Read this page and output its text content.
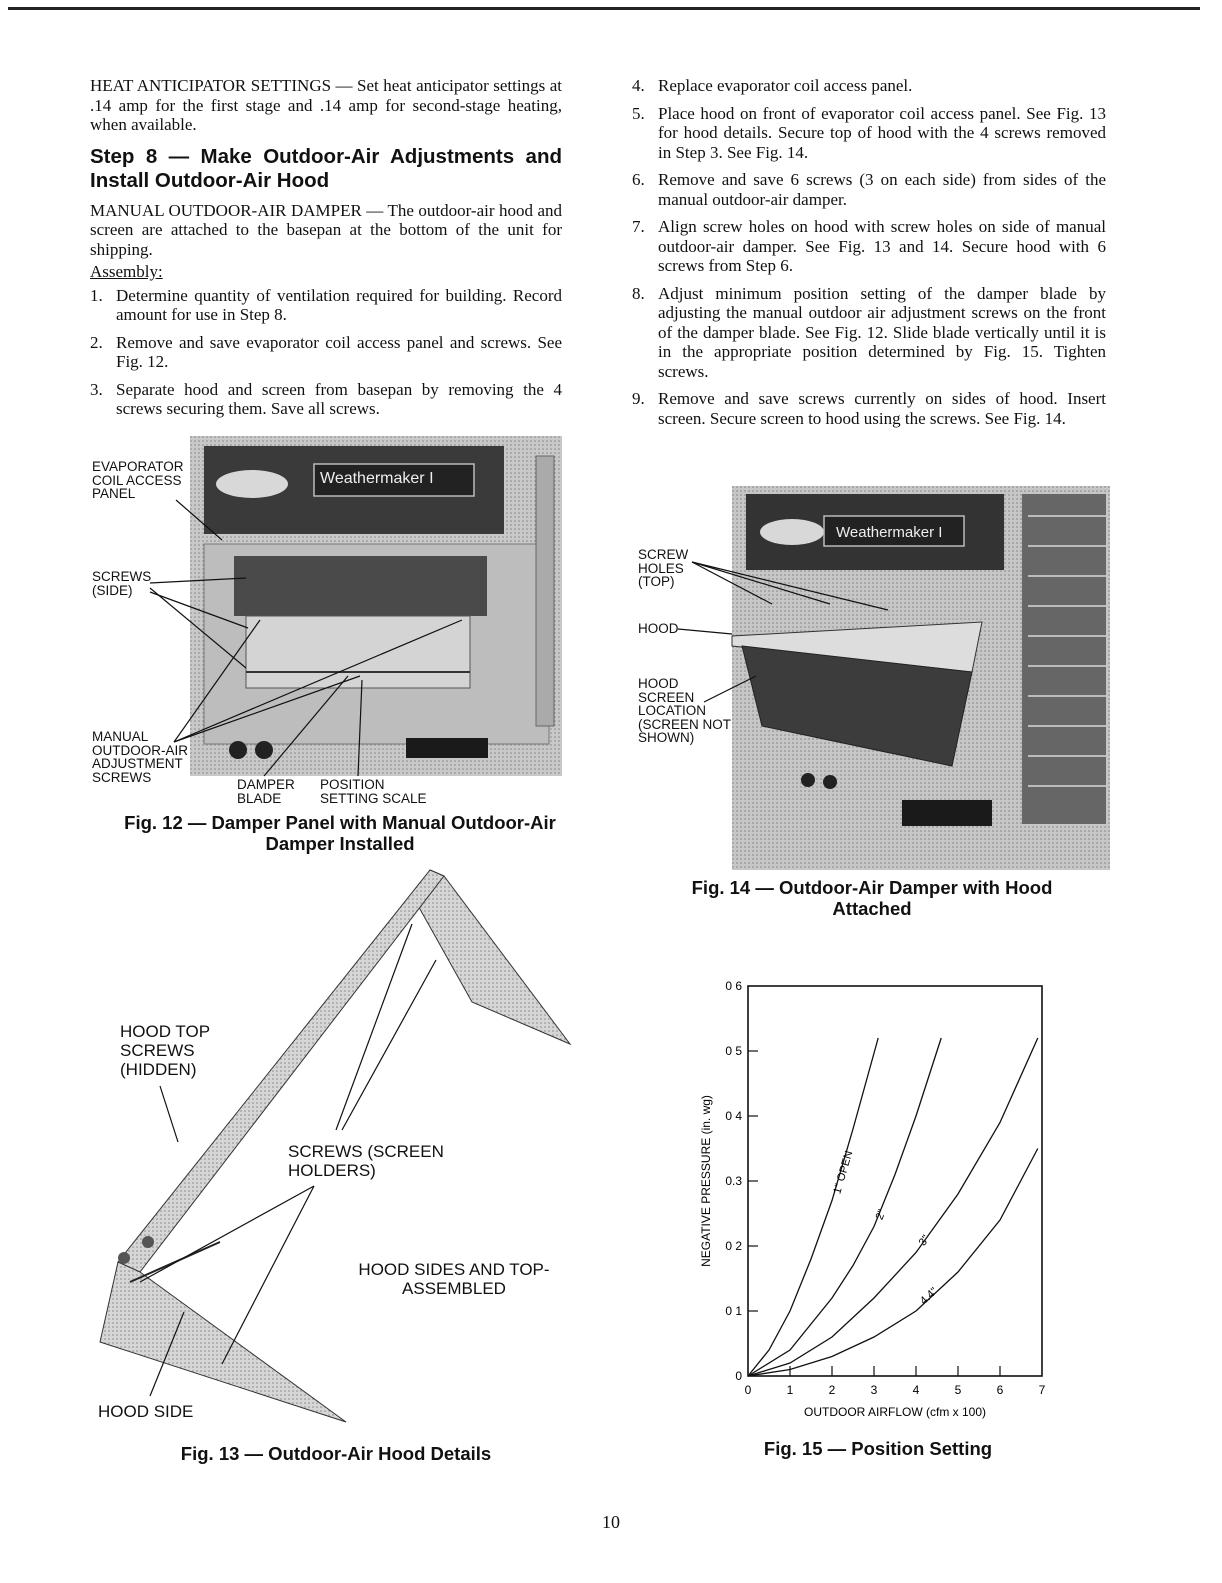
HEAT ANTICIPATOR SETTINGS — Set heat anticipator settings at .14 amp for the first stage and .14 amp for second-stage heating, when available.

Step 8 — Make Outdoor-Air Adjustments and Install Outdoor-Air Hood

MANUAL OUTDOOR-AIR DAMPER — The outdoor-air hood and screen are attached to the basepan at the bottom of the unit for shipping.

Assembly:
1. Determine quantity of ventilation required for building. Record amount for use in Step 8.
2. Remove and save evaporator coil access panel and screws. See Fig. 12.
3. Separate hood and screen from basepan by removing the 4 screws securing them. Save all screws.
4. Replace evaporator coil access panel.
5. Place hood on front of evaporator coil access panel. See Fig. 13 for hood details. Secure top of hood with the 4 screws removed in Step 3. See Fig. 14.
6. Remove and save 6 screws (3 on each side) from sides of the manual outdoor-air damper.
7. Align screw holes on hood with screw holes on side of manual outdoor-air damper. See Fig. 13 and 14. Secure hood with 6 screws from Step 6.
8. Adjust minimum position setting of the damper blade by adjusting the manual outdoor air adjustment screws on the front of the damper blade. See Fig. 12. Slide blade vertically until it is in the appropriate position determined by Fig. 15. Tighten screws.
9. Remove and save screws currently on sides of hood. Insert screen. Secure screen to hood using the screws. See Fig. 14.
Weathermaker I
EVAPORATOR COIL ACCESS PANEL
SCREWS (SIDE)
MANUAL OUTDOOR-AIR ADJUSTMENT SCREWS	DAMPER BLADE
POSITION SETTING SCALE
Fig. 12 — Damper Panel with Manual Outdoor-Air Damper Installed
HOOD TOP SCREWS (HIDDEN)
SCREWS (SCREEN HOLDERS)
HOOD SIDES AND TOP-ASSEMBLED
HOOD SIDE
Fig. 13 — Outdoor-Air Hood Details
Weathermaker I
SCREW HOLES (TOP)
HOOD
HOOD SCREEN LOCATION (SCREEN NOT SHOWN)
Fig. 14 — Outdoor-Air Damper with Hood Attached
0	1	2	3	4	5	6	7
0
0 1
0 2
0.3
0 4
0 5
0 6
OUTDOOR AIRFLOW (cfm x 100)
NEGATIVE PRESSURE (in. wg)	1" OPEN
2"
3"
4.4"
Fig. 15 — Position Setting
10
